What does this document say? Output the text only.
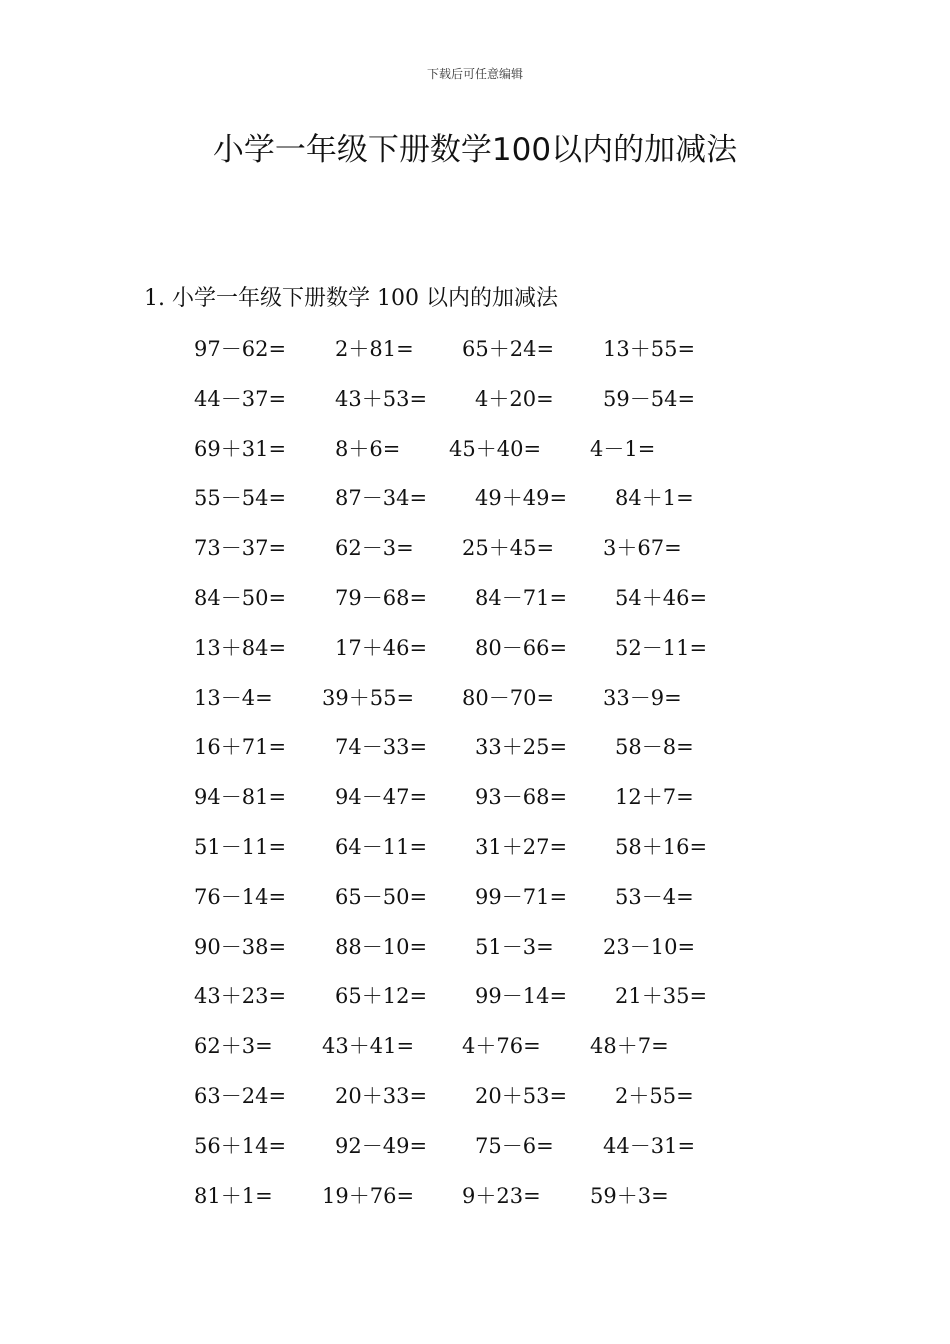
下载后可任意编辑
小学一年级下册数学100以内的加减法
1. 小学一年级下册数学 100 以内的加减法
97－62= 2＋81= 65＋24= 13＋55=
44－37= 43＋53= 4＋20= 59－54=
69＋31= 8＋6= 45＋40= 4－1=
55－54= 87－34= 49＋49= 84＋1=
73－37= 62－3= 25＋45= 3＋67=
84－50= 79－68= 84－71= 54＋46=
13＋84= 17＋46= 80－66= 52－11=
13－4= 39＋55= 80－70= 33－9=
16＋71= 74－33= 33＋25= 58－8=
94－81= 94－47= 93－68= 12＋7=
51－11= 64－11= 31＋27= 58＋16=
76－14= 65－50= 99－71= 53－4=
90－38= 88－10= 51－3= 23－10=
43＋23= 65＋12= 99－14= 21＋35=
62＋3= 43＋41= 4＋76= 48＋7=
63－24= 20＋33= 20＋53= 2＋55=
56＋14= 92－49= 75－6= 44－31=
81＋1= 19＋76= 9＋23= 59＋3=
